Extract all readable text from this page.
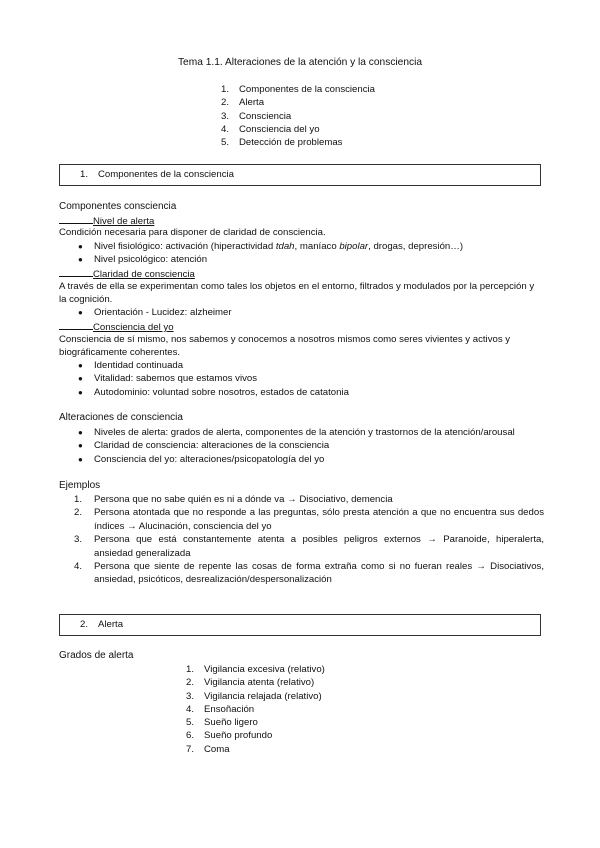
Tema 1.1. Alteraciones de la atención y la consciencia
1.	Componentes de la consciencia
2.	Alerta
3.	Consciencia
4.	Consciencia del yo
5.	Detección de problemas
1. Componentes de la consciencia
Componentes consciencia
Nivel de alerta
Condición necesaria para disponer de claridad de consciencia.
●	Nivel fisiológico: activación (hiperactividad tdah, maníaco bipolar, drogas, depresión…)
●	Nivel psicológico: atención
Claridad de consciencia
A través de ella se experimentan como tales los objetos en el entorno, filtrados y modulados por la percepción y la cognición.
●	Orientación - Lucidez: alzheimer
Consciencia del yo
Consciencia de sí mismo, nos sabemos y conocemos a nosotros mismos como seres vivientes y activos y biográficamente coherentes.
●	Identidad continuada
●	Vitalidad: sabemos que estamos vivos
●	Autodominio: voluntad sobre nosotros, estados de catatonia
Alteraciones de consciencia
●	Niveles de alerta: grados de alerta, componentes de la atención y trastornos de la atención/arousal
●	Claridad de consciencia: alteraciones de la consciencia
●	Consciencia del yo: alteraciones/psicopatología del yo
Ejemplos
1.	Persona que no sabe quién es ni a dónde va → Disociativo, demencia
2.	Persona atontada que no responde a las preguntas, sólo presta atención a que no encuentra sus dedos índices → Alucinación, consciencia del yo
3.	Persona que está constantemente atenta a posibles peligros externos → Paranoide, hiperalerta, ansiedad generalizada
4.	Persona que siente de repente las cosas de forma extraña como si no fueran reales → Disociativos, ansiedad, psicóticos, desrealización/despersonalización
2. Alerta
Grados de alerta
1.	Vigilancia excesiva (relativo)
2.	Vigilancia atenta (relativo)
3.	Vigilancia relajada (relativo)
4.	Ensoñación
5.	Sueño ligero
6.	Sueño profundo
7.	Coma
